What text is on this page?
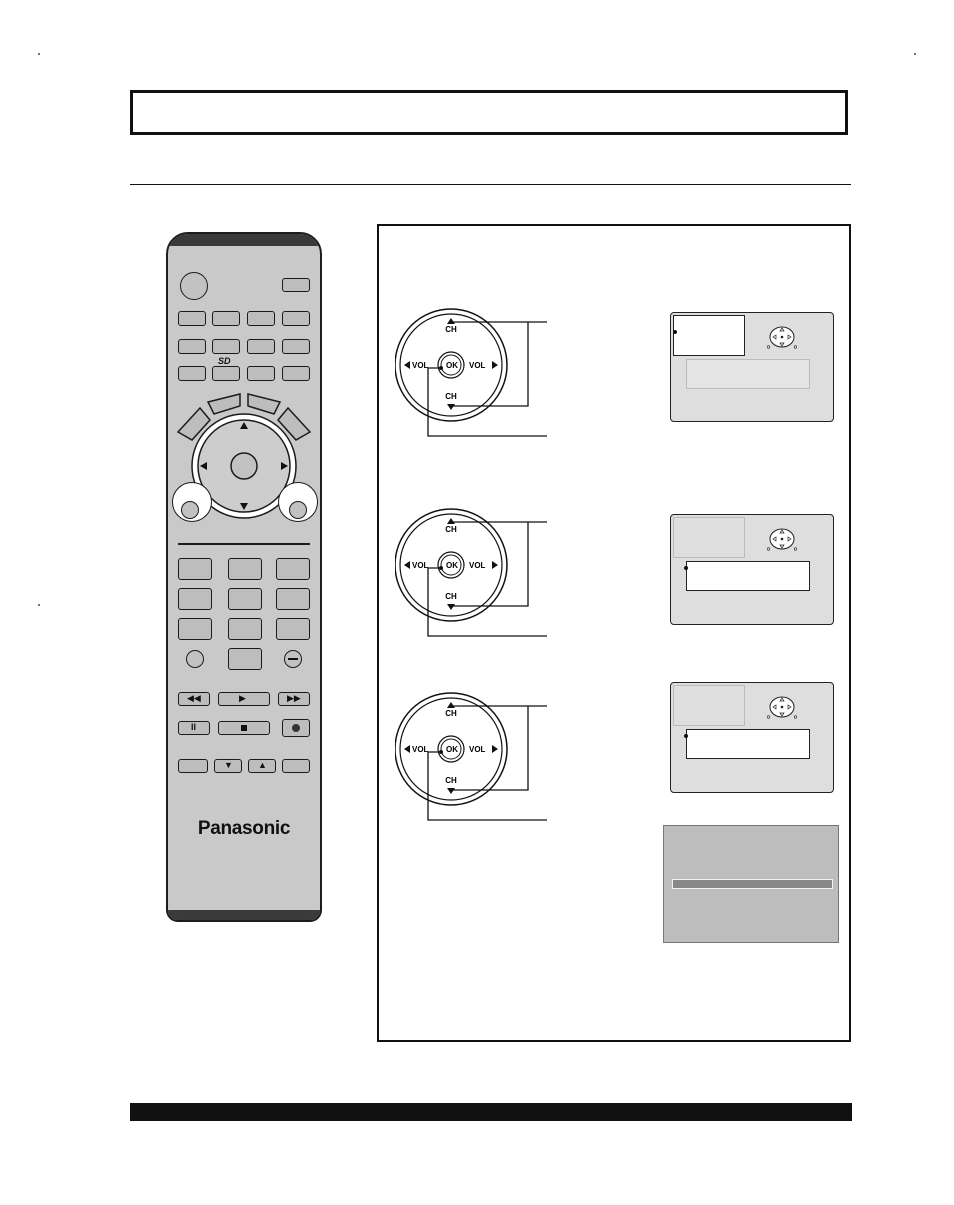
SD
◀◀	▶	▶▶
II
▼	▲
Panasonic
OK
CH
CH
VOL	VOL
OK
CH
CH
VOL	VOL
OK
CH
CH
VOL	VOL
